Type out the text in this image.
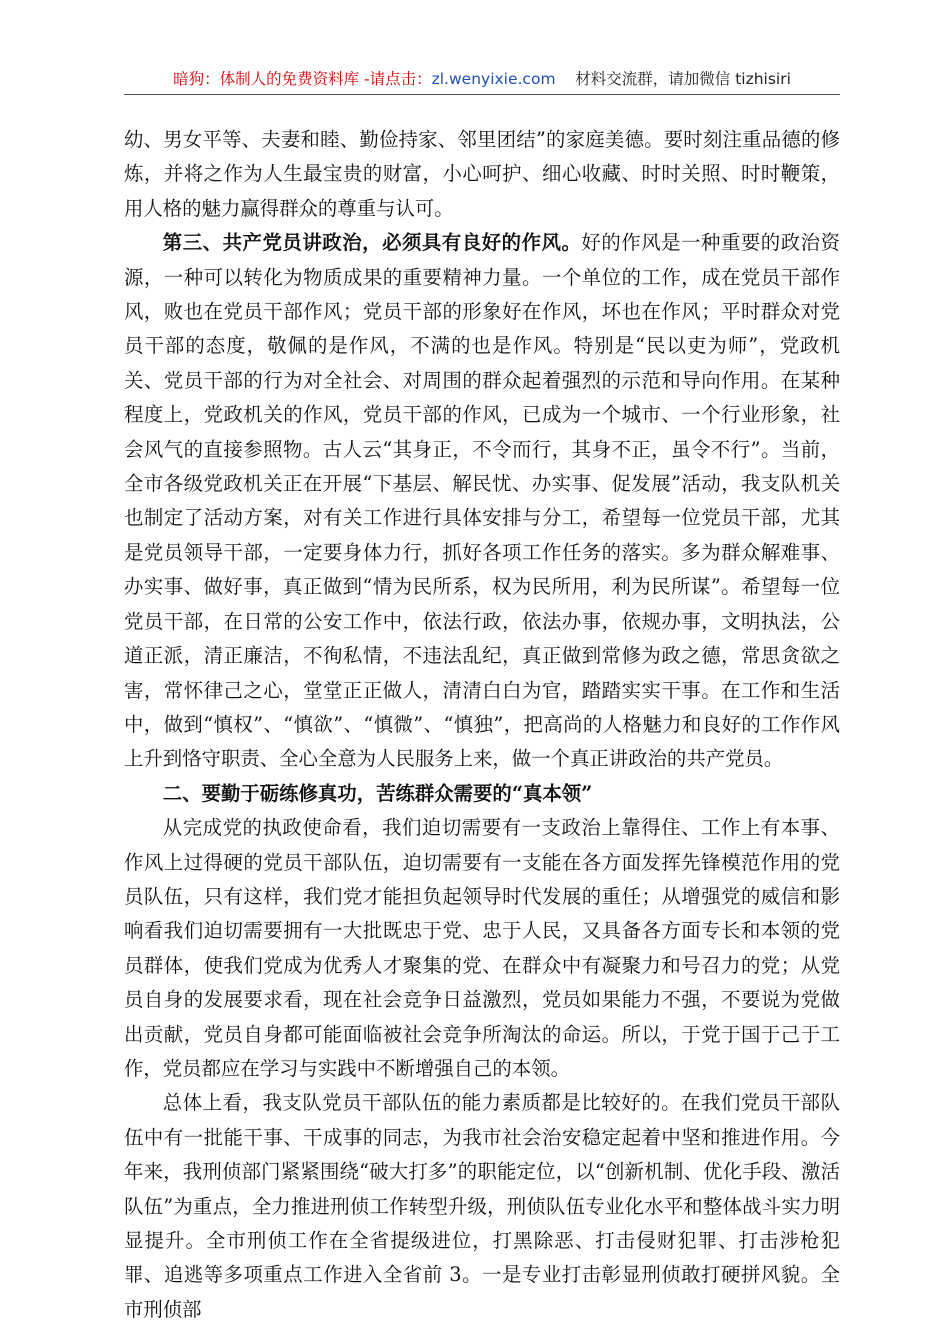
暗狗：体制人的免费资料库 -请点击：zl.wenyixie.com 材料交流群，请加微信 tizhisiri

幼、男女平等、夫妻和睦、勤俭持家、邻里团结”的家庭美德。要时刻注重品德的修炼，并将之作为人生最宝贵的财富，小心呵护、细心收藏、时时关照、时时鞭策，用人格的魅力赢得群众的尊重与认可。

第三、共产党员讲政治，必须具有良好的作风。好的作风是一种重要的政治资源，一种可以转化为物质成果的重要精神力量。一个单位的工作，成在党员干部作风，败也在党员干部作风；党员干部的形象好在作风，坏也在作风；平时群众对党员干部的态度，敬佩的是作风，不满的也是作风。特别是“民以吏为师”，党政机关、党员干部的行为对全社会、对周围的群众起着强烈的示范和导向作用。在某种程度上，党政机关的作风，党员干部的作风，已成为一个城市、一个行业形象，社会风气的直接参照物。古人云“其身正，不令而行，其身不正，虽令不行”。当前，全市各级党政机关正在开展“下基层、解民忧、办实事、促发展”活动，我支队机关也制定了活动方案，对有关工作进行具体安排与分工，希望每一位党员干部，尤其是党员领导干部，一定要身体力行，抓好各项工作任务的落实。多为群众解难事、办实事、做好事，真正做到“情为民所系，权为民所用，利为民所谋”。希望每一位党员干部，在日常的公安工作中，依法行政，依法办事，依规办事，文明执法，公道正派，清正廉洁，不徇私情，不违法乱纪，真正做到常修为政之德，常思贪欲之害，常怀律己之心，堂堂正正做人，清清白白为官，踏踏实实干事。在工作和生活中，做到“慎权”、“慎欲”、“慎微”、“慎独”，把高尚的人格魅力和良好的工作作风上升到恪守职责、全心全意为人民服务上来，做一个真正讲政治的共产党员。

二、要勤于砺练修真功，苦练群众需要的“真本领”

从完成党的执政使命看，我们迫切需要有一支政治上靠得住、工作上有本事、作风上过得硬的党员干部队伍，迫切需要有一支能在各方面发挥先锋模范作用的党员队伍，只有这样，我们党才能担负起领导时代发展的重任；从增强党的威信和影响看我们迫切需要拥有一大批既忠于党、忠于人民，又具备各方面专长和本领的党员群体，使我们党成为优秀人才聚集的党、在群众中有凝聚力和号召力的党；从党员自身的发展要求看，现在社会竞争日益激烈，党员如果能力不强，不要说为党做出贡献，党员自身都可能面临被社会竞争所淘汰的命运。所以，于党于国于己于工作，党员都应在学习与实践中不断增强自己的本领。

总体上看，我支队党员干部队伍的能力素质都是比较好的。在我们党员干部队伍中有一批能干事、干成事的同志，为我市社会治安稳定起着中坚和推进作用。今年来，我刑侦部门紧紧围绕“破大打多”的职能定位，以“创新机制、优化手段、激活队伍”为重点，全力推进刑侦工作转型升级，刑侦队伍专业化水平和整体战斗实力明显提升。全市刑侦工作在全省提级进位，打黑除恶、打击侵财犯罪、打击涉枪犯罪、追逃等多项重点工作进入全省前 3。一是专业打击彰显刑侦敢打硬拼风貌。全市刑侦部
